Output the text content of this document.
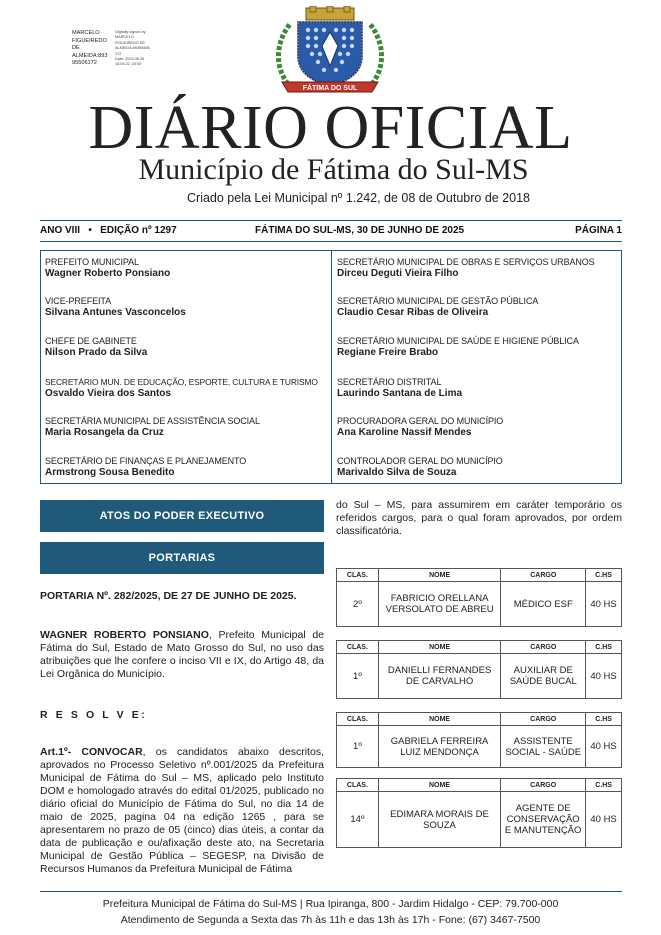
MARCELO
FIGUEIREDO
DE
ALMEIDA:893
95506172
Digitally signed by
MARCELO
FIGUEIREDO DE
ALMEIDA:89395506
172
Date: 2025.06.30
16:04:22 -04'00'
FÁTIMA DO SUL
DIÁRIO OFICIAL
Município de Fátima do Sul-MS
Criado pela Lei Municipal nº 1.242, de 08 de Outubro de 2018
ANO VIII   •   EDIÇÃO nº 1297	FÁTIMA DO SUL-MS, 30 DE JUNHO DE 2025	PÁGINA 1
PREFEITO MUNICIPAL
Wagner Roberto Ponsiano
VICE-PREFEITA
Silvana Antunes Vasconcelos
CHEFE DE GABINETE
Nilson Prado da Silva
SECRETÁRIO MUN. DE EDUCAÇÃO, ESPORTE, CULTURA E TURISMO
Osvaldo Vieira dos Santos
SECRETÁRIA MUNICIPAL DE ASSISTÊNCIA SOCIAL
Maria Rosangela da Cruz
SECRETÁRIO DE FINANÇAS E PLANEJAMENTO
Armstrong Sousa Benedito
SECRETÁRIO MUNICIPAL DE OBRAS E SERVIÇOS URBANOS
Dirceu Deguti Vieira Filho
SECRETÁRIO MUNICIPAL DE GESTÃO PÚBLICA
Claudio Cesar Ribas de Oliveira
SECRETÁRIO MUNICIPAL DE SAÚDE E HIGIENE PÚBLICA
Regiane Freire Brabo
SECRETÁRIO DISTRITAL
Laurindo Santana de Lima
PROCURADORA GERAL DO MUNICÍPIO
Ana Karoline Nassif Mendes
CONTROLADOR GERAL DO MUNICÍPIO
Marivaldo Silva de Souza
ATOS DO PODER EXECUTIVO
PORTARIAS
PORTARIA Nº. 282/2025, DE 27 DE JUNHO DE 2025.
WAGNER ROBERTO PONSIANO, Prefeito Municipal de Fátima do Sul, Estado de Mato Grosso do Sul, no uso das atribuições que lhe confere o inciso VII e IX, do Artigo 48, da Lei Orgânica do Município.
R E S O L V E:
Art.1º- CONVOCAR, os candidatos abaixo descritos, aprovados no Processo Seletivo nº.001/2025 da Prefeitura Municipal de Fátima do Sul – MS, aplicado pelo Instituto DOM e homologado através do edital 01/2025, publicado no diário oficial do Município de Fátima do Sul, no dia 14 de maio de 2025, pagina 04 na edição 1265 , para se apresentarem no prazo de 05 (cinco) dias úteis, a contar da data de publicação e ou/afixação deste ato, na Secretaria Municipal de Gestão Pública – SEGESP, na Divisão de Recursos Humanos da Prefeitura Municipal de Fátima
do Sul – MS, para assumirem em caráter temporário os referidos cargos, para o qual foram aprovados, por ordem classificatória.
CLAS.	NOME	CARGO	C.HS
2º	FABRICIO ORELLANA VERSOLATO DE ABREU	MÉDICO ESF	40 HS
CLAS.	NOME	CARGO	C.HS
1º	DANIELLI FERNANDES DE CARVALHO	AUXILIAR DE SAÚDE BUCAL	40 HS
CLAS.	NOME	CARGO	C.HS
1º	GABRIELA FERREIRA LUIZ MENDONÇA	ASSISTENTE SOCIAL - SAÚDE	40 HS
CLAS.	NOME	CARGO	C.HS
14º	EDIMARA MORAIS DE SOUZA	AGENTE DE CONSERVAÇÃO E MANUTENÇÃO	40 HS
Prefeitura Municipal de Fátima do Sul-MS | Rua Ipiranga, 800 - Jardim Hidalgo - CEP: 79.700-000
Atendimento de Segunda a Sexta das 7h às 11h e das 13h às 17h - Fone: (67) 3467-7500
